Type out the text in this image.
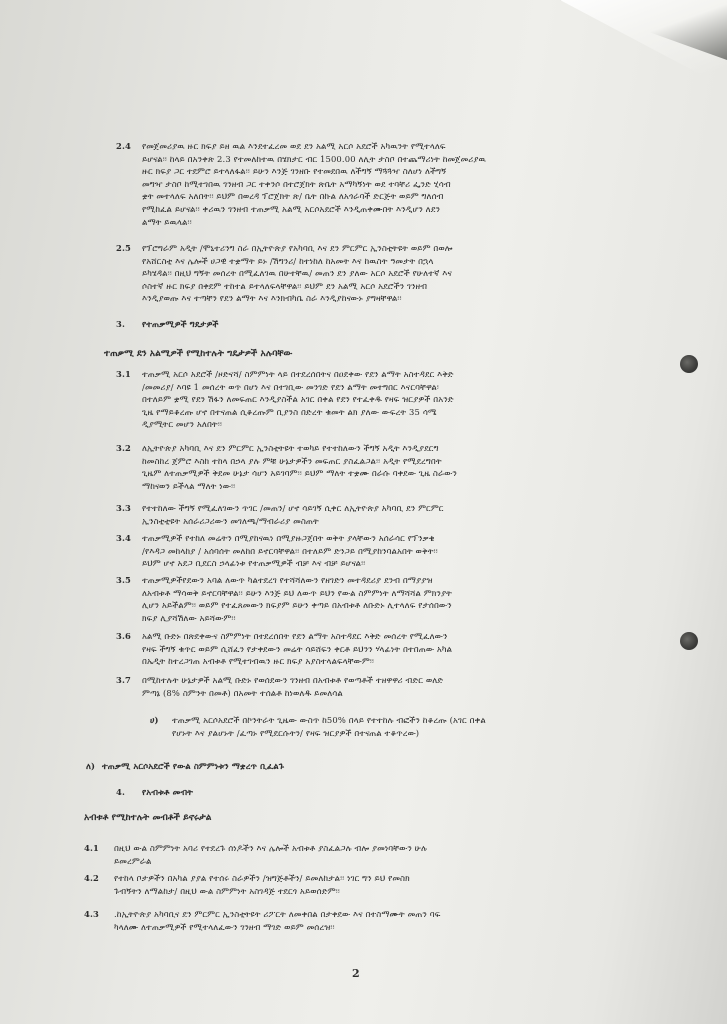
2.4 የመጀመሪያዉ ዙር ክፍያ ይዘ ዉል እንደተፈረመ ወደ ደን አልሚ አርሶ አደሮች አካዉንት የሚተላለፍ
ይሆናል፡፡ ከላይ በአንቀጽ 2.3 የተመለከተዉ በሄክታር ብር 1500.00 ለሊት ታስቦ በተጨማሪነት ከመጀመሪያዉ
ዙር ክፍያ ጋር ተደምሮ ይተላለፋል፡፡ ይሁን እንጅ ገንዘቡ የተመደበዉ ለችግኝ ማጓጓዣ ስለሆነ ለችግኝ
መግዣ ታስቦ ከሚተገበዉ ገንዘብ ጋር ተቀንሶ በተሮጀክት ጽቤት አማካኝነት ወደ ተባቸሪ ፌንድ ሂሳብ
ቋት መተላለፍ አለበት፡፡ ይህም በወረዳ ፕሮጀክት ጽ/ ቤት በኩል ለአጎራባች ድርጅት ወይም ግለሰብ
የሚከፈል ይሆናል፡፡ ቀሪዉን ገንዘብ ተጠቃሚ አልሚ አርሶአደሮች እንዲጠቀሙበት እንዲሆን ለደን
ልማት ይዉላል፡፡
2.5 የፕሮግራም አዲት /ሞኒተሪንግ ስራ በኢትዮጵያ የአካባቢ እና ደን ምርምር ኢንስቲትዩት ወይም በወሎ
የአሸርስቲ እና ሌሎች ሀጋዊ ተቋማት ይኑ /ሽግንሪ/ ከተነከለ ከአመት እና ከዉስት ዓመታት በኋላ
ይካሄዳል፡፡ በዚህ ግኝት መሰረት በሚፈለገዉ በሁተቸዉ/ መጠን ደን ያለው አርሶ አደሮች የሁለተኛ እና
ሶስተኛ ዙር ክፍያ በቀደም ተከተል ይተላለፍላቸዋል፡፡ ይህም ደን አልሚ አርሶ አደሮችን ገንዘብ
እንዲያወጡ እና ተጣቸን የደን ልማት እና እንክብካቤ ስራ እንዲያከናውኑ ያግዛቸዋል፡፡
3. የተጠቃሚዎች ግዴታዎች
ተጠቃሚ ደን አልሚዎች የሚከተሉት ግዴታዎች አሉባቸው
3.1 ተጠቃሚ አርሶ አደሮች /ዞድናሻ/ ስምምነት ላይ በተደረሰበትና በዐደቀው የደን ልማት አስተዳደር እቅድ
/መመሪያ/ እባዩ 1 መሰረት ወጥ በሆነ እና በተገቢው መንገድ የደን ልማት መተግበር እናርባቸዋል፡
በተለይም ቋሚ የደን ሽፋን ለመፍጠር እንዲያስችል አገር በቀል የደን የተፈቀዱ የዛፍ ዝርያዎች በአንድ
ጊዜ የማይቆረጡ ሆኖ በተናጠል ሲቆረጡም ቢያንስ በድረት ቁመት ልክ ያለው ውፍረት 35 ሳሜ
ዲያሚትር መሆን አለበት፡፡
3.2 ለኢትዮጵያ አካባቢ እና ደን ምርምር ኢንስቲትዩት ተወካይ የተተከለውን ችግኝ አዲት እንዲያደርግ
ከመስከረ ጀምሮ እስከ ተከላ በኃላ ያሉ ምቹ ሁኔታዎችን መፍጠር ያስፈልጋል፡፡ አዲት የሚደረግበት
ጊዜም ለተጠቃሚዎች ቅደመ ሁኔታ ሳሆን አይገባም፡፡ ይህም ማለት ተቋሙ በራሱ ባቀደው ጊዜ ስራውን
ማከናወን ይችላል ማለት ነው፡፡
3.3 የተተከለው ችግኝ የሚፈለገውን ጥገር /መጠን/ ሆኖ ሳይገኝ ሲቀር ለኢትዮጵያ አካባቢ ደን ምርምር
ኢንስቲቲዩት አሰራሪጋሪውን መገለጫ/ማብራሪያ መስጠት
3.4 ተጠቃሚዎች የተከለ መሬትን በሚያከናዉነ በሚያዙጋጀበት ወቅት ያላቸውን አሰራሳር የፕንቃቄ
/የእዳጋ መከላከያ / አሰባሰት መለከበ ይኖርባቸዋል፡፡ በተለይም ድንጋይ በሚያከንባልአበት ወቅት፡፡
ይህም ሆኖ አደጋ ቢደርስ ኃላፊነቱ የተጠቃሚዎች ብቻ እና ብቻ ይሆናል፡፡
3.5 ተጠቃሚዎችየደውን አባል ለውጥ ካልተደረገ የተሻሻለውን የዘገድን መተዳደሪያ ደንብ በማያያዝ
ለአብቱቶ ማሳወቅ ይኖርባቸዋል፡፡ ይሁን እንጅ ይህ ለውጥ ይህን የውል ስምምነት ለማሻሻል ምክንያት
ሊሆን አይችልም፡፡ ወይም የተፈጸመውን ክፍያም ይሁን ቀጣይ በአብቱቶ ለቡድኑ ሊተላለፍ የታሰበውን
ክፍያ ሊያሻሽለው አይሻውም፡፡
3.6 አልሚ ቡድኑ በጽደቀውና ስምምነት በተደረሰበት የደን ልማት አስተዳደር እቅድ መሰረት የሚፈለውን
የዛፍ ችግኝ ቁጥር ወይም ሲሸፈን የታቀደውን መሬት ሳይሸፍን ቀርቶ ይህንን ሃላፊነት በተበጠው አካል
በኤዲት ከተረጋገጠ አብቱቶ የሚተገብዉን ዙር ክፍያ አያስተላልፍላቸውም፡፡
3.7 በሚከተሉት ሁኔታዎች አልሚ ቡድኑ የወሰደውን ገንዘብ በአብቱቶ የወጣቶች ተዘዋዋሪ ብድር ወለድ
ምጣኔ (8% ስምንት በመቶ) በአመት ተሰልቶ ከነወለዱ ይመለሳል
ሀ) ተጠቃሚ አርሶአደሮች በኮንትራት ጊዜው ውስጥ ከ50% በላይ የተተከሉ ብፎችን ከቆረጡ (አገር በቀል
የሆኑት እና ያልሆኑት /ፈጣኑ የሚደርሱትን/ የዛፍ ዝርያዎች በተናጠል ተቆጥረው)
ለ) ተጠቃሚ አርሶአደሮች የውል ስምምነቱን ማቋረጥ ቢፈልጉ
4. የአብቱቶ መብት
አብቱቶ የሚከተሉት መብቶች ይኖሩታል
4.1 በዚህ ውል ስምምነት አባሪ የተደረጉ ሰነዶችን እና ሌሎች አብቱቶ ያስፈልጋሉ ብሎ ያመነባቸውን ሁሉ
ይመረምራል
4.2 የተከላ ቦታዎችን በአካል ያያል የተሰሩ ስራዎችን /ዝግጅቶችን/ ይመለከታል፡፡ ነገር ግን ይህ የመስክ
ጉብኝትን ለማልከታ/ በዚህ ውል ስምምነት አስገዳጅ ተደርጎ አይወሰድም፡፡
4.3 .ከኢትዮጵያ አካባቢና ደን ምርምር ኢንስቲትዩት ሪፖርት ለመቀበል በታቀደው እና በተስማሙት መጠን ባፍ
ካላለሙ ለተጠቃሚዎች የሚተላለፈውን ገንዘብ ማገድ ወይም መሰረዝ፡፡
2
